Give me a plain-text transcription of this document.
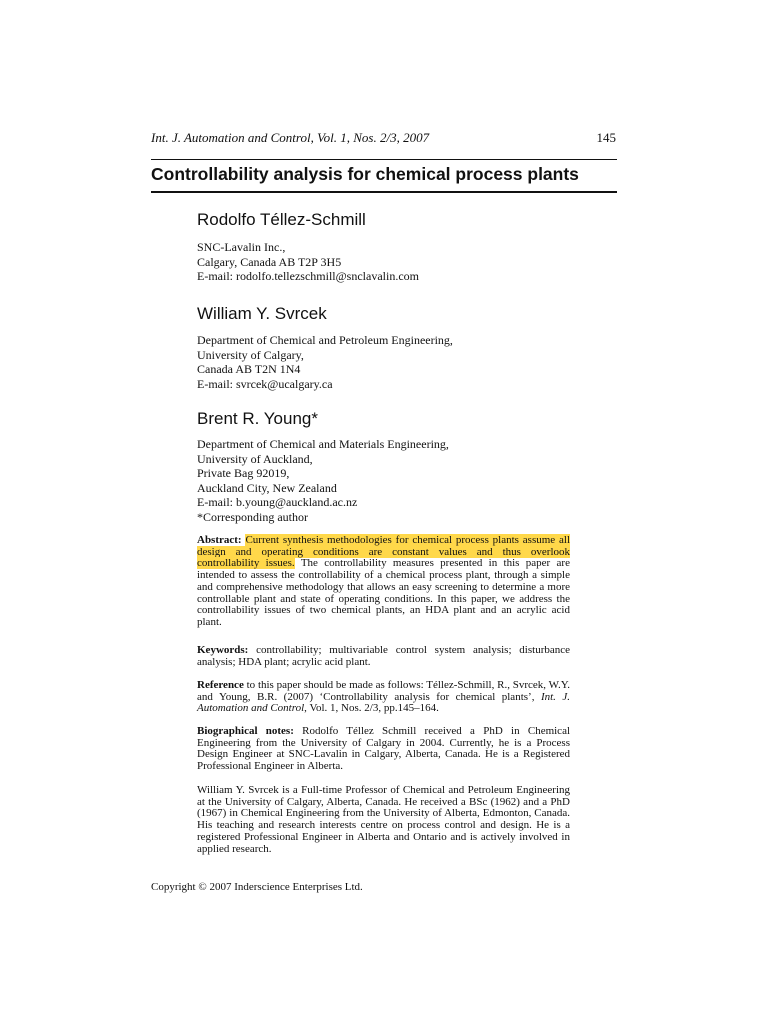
Int. J. Automation and Control, Vol. 1, Nos. 2/3, 2007	145
Controllability analysis for chemical process plants
Rodolfo Téllez-Schmill
SNC-Lavalin Inc.,
Calgary, Canada AB T2P 3H5
E-mail: rodolfo.tellezschmill@snclavalin.com
William Y. Svrcek
Department of Chemical and Petroleum Engineering,
University of Calgary,
Canada AB T2N 1N4
E-mail: svrcek@ucalgary.ca
Brent R. Young*
Department of Chemical and Materials Engineering,
University of Auckland,
Private Bag 92019,
Auckland City, New Zealand
E-mail: b.young@auckland.ac.nz
*Corresponding author
Abstract: Current synthesis methodologies for chemical process plants assume all design and operating conditions are constant values and thus overlook controllability issues. The controllability measures presented in this paper are intended to assess the controllability of a chemical process plant, through a simple and comprehensive methodology that allows an easy screening to determine a more controllable plant and state of operating conditions. In this paper, we address the controllability issues of two chemical plants, an HDA plant and an acrylic acid plant.
Keywords: controllability; multivariable control system analysis; disturbance analysis; HDA plant; acrylic acid plant.
Reference to this paper should be made as follows: Téllez-Schmill, R., Svrcek, W.Y. and Young, B.R. (2007) ‘Controllability analysis for chemical plants’, Int. J. Automation and Control, Vol. 1, Nos. 2/3, pp.145–164.
Biographical notes: Rodolfo Téllez Schmill received a PhD in Chemical Engineering from the University of Calgary in 2004. Currently, he is a Process Design Engineer at SNC-Lavalin in Calgary, Alberta, Canada. He is a Registered Professional Engineer in Alberta.
William Y. Svrcek is a Full-time Professor of Chemical and Petroleum Engineering at the University of Calgary, Alberta, Canada. He received a BSc (1962) and a PhD (1967) in Chemical Engineering from the University of Alberta, Edmonton, Canada. His teaching and research interests centre on process control and design. He is a registered Professional Engineer in Alberta and Ontario and is actively involved in applied research.
Copyright © 2007 Inderscience Enterprises Ltd.
